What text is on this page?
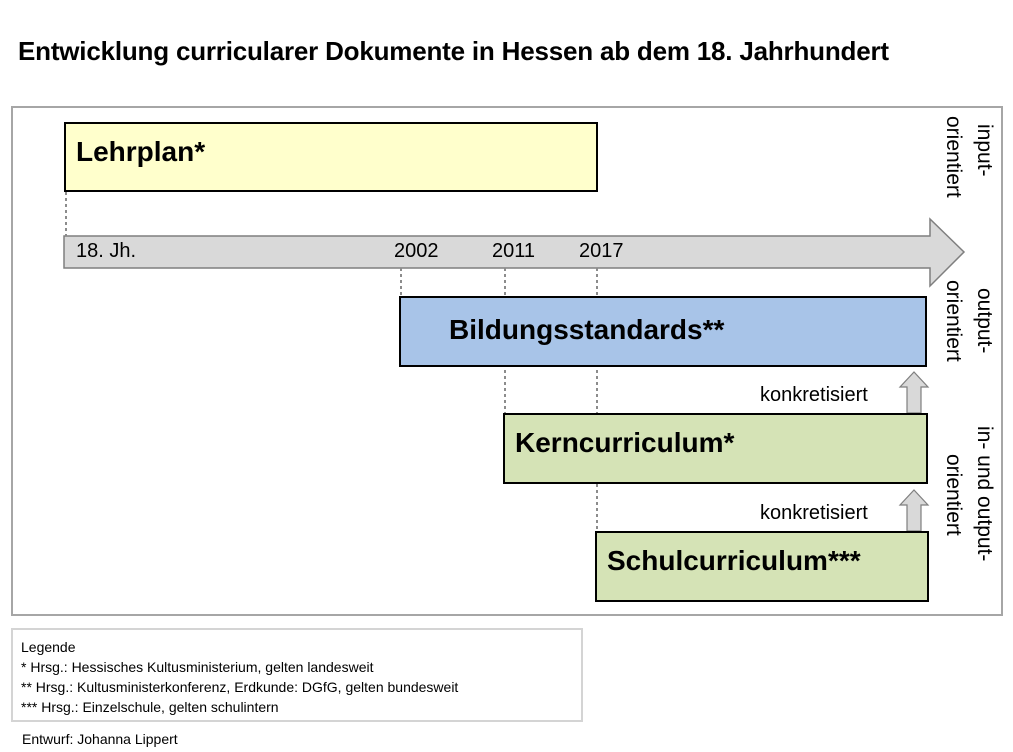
Entwicklung curricularer Dokumente in Hessen ab dem 18. Jahrhundert
18. Jh.	2002	2011 2017
Lehrplan*
Bildungsstandards**
Kerncurriculum*
Schulcurriculum***
konkretisiert
konkretisiert
input-
orientiert
output-
orientiert
in- und output-
orientiert
Legende
* Hrsg.: Hessisches Kultusministerium, gelten landesweit
** Hrsg.: Kultusministerkonferenz, Erdkunde: DGfG, gelten bundesweit
*** Hrsg.: Einzelschule, gelten schulintern
Entwurf: Johanna Lippert
